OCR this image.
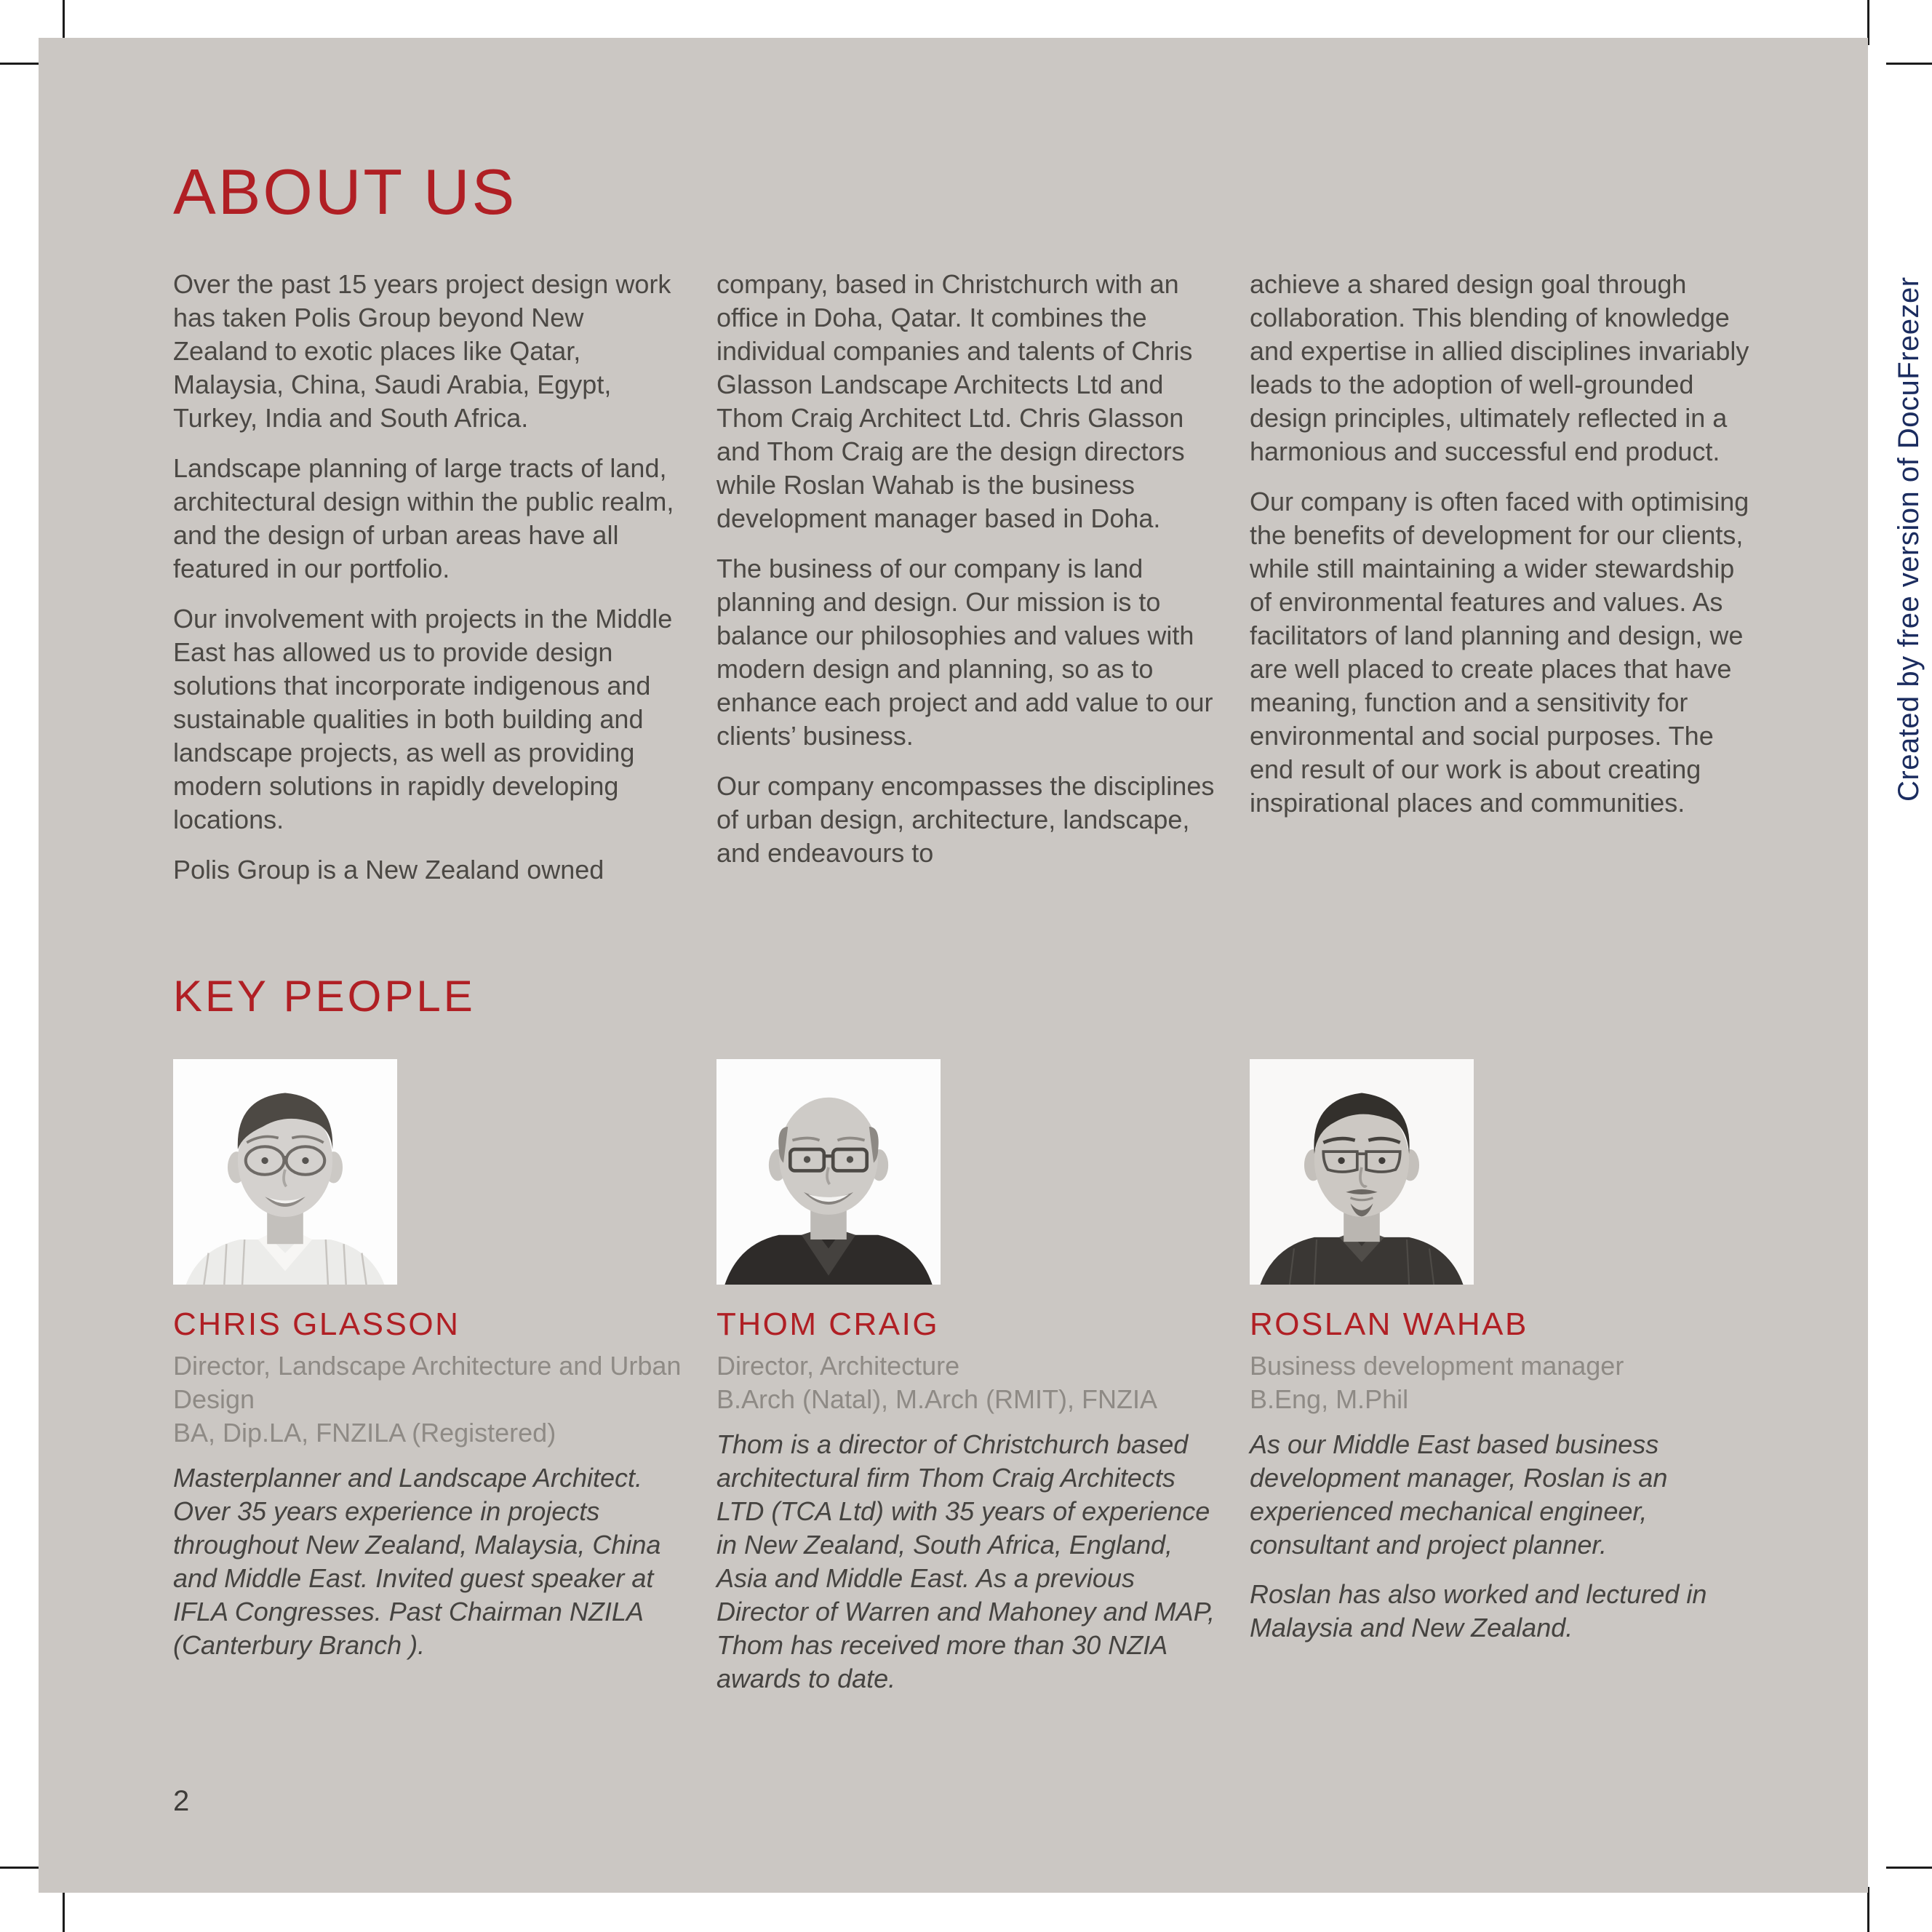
ABOUT US

Over the past 15 years project design work has taken Polis Group beyond New Zealand to exotic places like Qatar, Malaysia, China, Saudi Arabia, Egypt, Turkey, India and South Africa.

Landscape planning of large tracts of land, architectural design within the public realm, and the design of urban areas have all featured in our portfolio.

Our involvement with projects in the Middle East has allowed us to provide design solutions that incorporate indigenous and sustainable qualities in both building and landscape projects, as well as providing modern solutions in rapidly developing locations.

Polis Group is a New Zealand owned

company, based in Christchurch with an office in Doha, Qatar. It combines the individual companies and talents of Chris Glasson Landscape Architects Ltd and Thom Craig Architect Ltd. Chris Glasson and Thom Craig are the design directors while Roslan Wahab is the business development manager based in Doha.

The business of our company is land planning and design. Our mission is to balance our philosophies and values with modern design and planning, so as to enhance each project and add value to our clients’ business.

Our company encompasses the disciplines of urban design, architecture, landscape, and endeavours to

achieve a shared design goal through collaboration. This blending of knowledge and expertise in allied disciplines invariably leads to the adoption of well-grounded design principles, ultimately reflected in a harmonious and successful end product.

Our company is often faced with optimising the benefits of development for our clients, while still maintaining a wider stewardship of environmental features and values. As facilitators of land planning and design, we are well placed to create places that have meaning, function and a sensitivity for environmental and social purposes. The end result of our work is about creating inspirational places and communities.

KEY PEOPLE
CHRIS GLASSON
Director, Landscape Architecture and Urban Design
BA, Dip.LA, FNZILA (Registered)

Masterplanner and Landscape Architect. Over 35 years experience in projects throughout New Zealand, Malaysia, China and Middle East. Invited guest speaker at IFLA Congresses. Past Chairman NZILA (Canterbury Branch ).

THOM CRAIG
Director, Architecture
B.Arch (Natal), M.Arch (RMIT), FNZIA

Thom is a director of Christchurch based architectural firm Thom Craig Architects LTD (TCA Ltd) with 35 years of experience in New Zealand, South Africa, England, Asia and Middle East. As a previous Director of Warren and Mahoney and MAP, Thom has received more than 30 NZIA awards to date.

ROSLAN WAHAB
Business development manager
B.Eng, M.Phil

As our Middle East based business development manager, Roslan is an experienced mechanical engineer, consultant and project planner.

Roslan has also worked and lectured in Malaysia and New Zealand.

2
Created by free version of DocuFreezer
